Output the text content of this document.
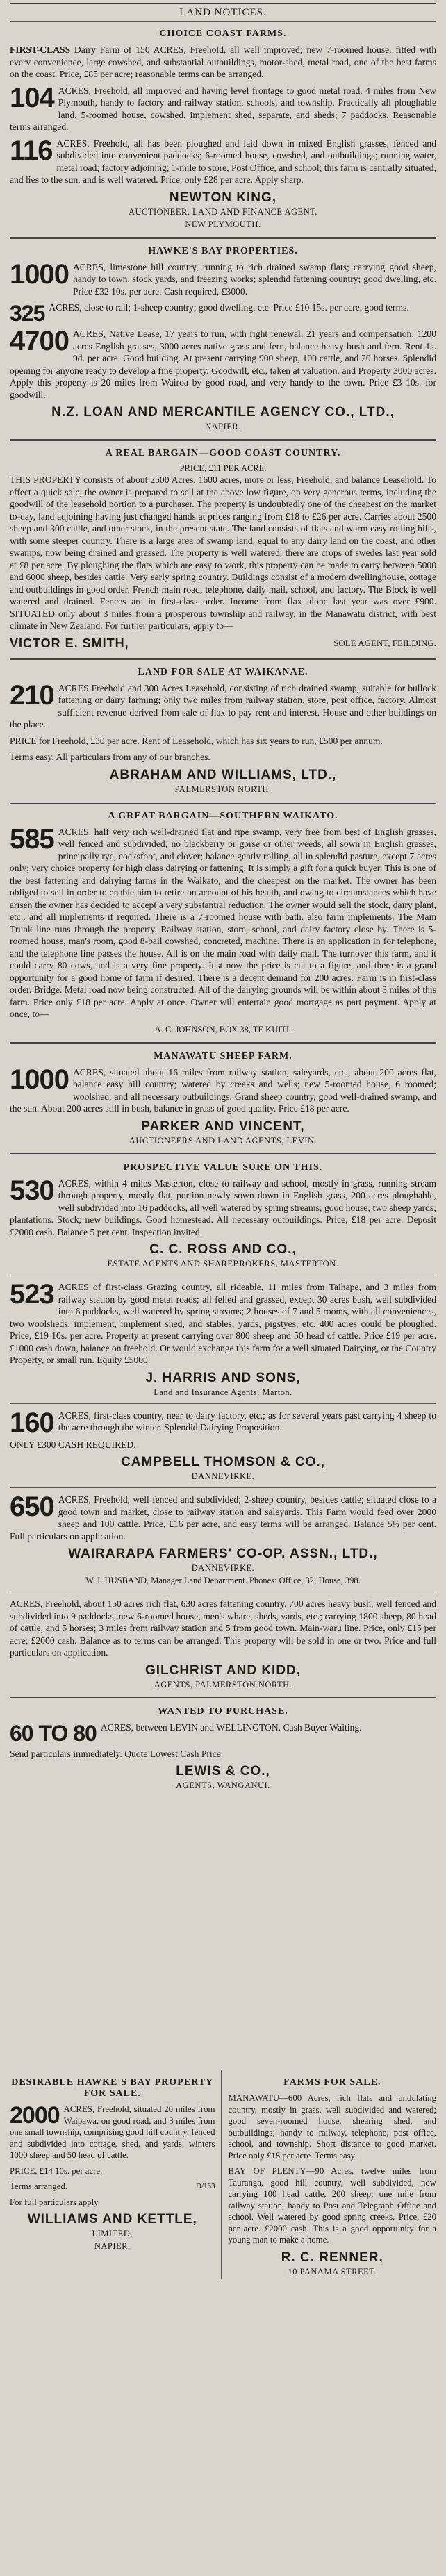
LAND NOTICES.
CHOICE COAST FARMS.
FIRST-CLASS Dairy Farm of 150 ACRES, Freehold, all well improved; new 7-roomed house, fitted with every convenience, large cowshed, and substantial outbuildings, motor-shed, metal road, one of the best farms on the coast. Price, £85 per acre; reasonable terms can be arranged.
104 ACRES, Freehold, all improved and having level frontage to good metal road, 4 miles from New Plymouth, handy to factory and railway station, schools, and township. Practically all ploughable land, 5-roomed house, cowshed, implement shed, separate, and sheds; 7 paddocks. Reasonable terms arranged.
116 ACRES, Freehold, all has been ploughed and laid down in mixed English grasses, fenced and subdivided into convenient paddocks; 6-roomed house, cowshed, and outbuildings; running water, metal road; factory adjoining; 1-mile to store, Post Office, and school; this farm is centrally situated, and lies to the sun, and is well watered. Price, only £28 per acre. Apply sharp.
NEWTON KING,
AUCTIONEER, LAND AND FINANCE AGENT,
NEW PLYMOUTH.
HAWKE'S BAY PROPERTIES.
1000 ACRES, limestone hill country, running to rich drained swamp flats; carrying good sheep, handy to town, stock yards, and freezing works; splendid fattening country; good dwelling, etc. Price £32 10s. per acre. Cash required, £3000.
325 ACRES, close to rail; 1-sheep country; good dwelling, etc. Price £10 15s. per acre, good terms.
4700 ACRES, Native Lease, 17 years to run, with right renewal, 21 years and compensation; 1200 acres English grasses, 3000 acres native grass and fern, balance heavy bush and fern. Rent 1s. 9d. per acre. Good building. At present carrying 900 sheep, 100 cattle, and 20 horses. Splendid opening for anyone ready to develop a fine property. Goodwill, etc., taken at valuation, and Property 3000 acres. Apply this property is 20 miles from Wairoa by good road, and very handy to the town. Price £3 10s. for goodwill.
N.Z. LOAN AND MERCANTILE AGENCY CO., LTD.,
NAPIER.
A REAL BARGAIN—GOOD COAST COUNTRY.
PRICE, £11 PER ACRE.
THIS PROPERTY consists of about 2500 Acres, 1600 acres, more or less, Freehold, and balance Leasehold. To effect a quick sale, the owner is prepared to sell at the above low figure, on very generous terms, including the goodwill of the leasehold portion to a purchaser. The property is undoubtedly one of the cheapest on the market to-day, land adjoining having just changed hands at prices ranging from £18 to £26 per acre. Carries about 2500 sheep and 300 cattle, and other stock, in the present state. The land consists of flats and warm easy rolling hills, with some steeper country. There is a large area of swamp land, equal to any dairy land on the coast, and other swamps, now being drained and grassed. The property is well watered; there are crops of swedes last year sold at £8 per acre. By ploughing the flats which are easy to work, this property can be made to carry between 5000 and 6000 sheep, besides cattle. Very early spring country. Buildings consist of a modern dwellinghouse, cottage and outbuildings in good order. French main road, telephone, daily mail, school, and factory. The Block is well watered and drained. Fences are in first-class order. Income from flax alone last year was over £900. SITUATED only about 3 miles from a prosperous township and railway, in the Manawatu district, with best climate in New Zealand. For further particulars, apply to—
VICTOR E. SMITH,	SOLE AGENT, FEILDING.
LAND FOR SALE AT WAIKANAE.
210 ACRES Freehold and 300 Acres Leasehold, consisting of rich drained swamp, suitable for bullock fattening or dairy farming; only two miles from railway station, store, post office, factory. Almost sufficient revenue derived from sale of flax to pay rent and interest. House and other buildings on the place.
PRICE for Freehold, £30 per acre. Rent of Leasehold, which has six years to run, £500 per annum.
Terms easy. All particulars from any of our branches.
ABRAHAM AND WILLIAMS, LTD.,
PALMERSTON NORTH.
A GREAT BARGAIN—SOUTHERN WAIKATO.
585 ACRES, half very rich well-drained flat and ripe swamp, very free from best of English grasses, well fenced and subdivided; no blackberry or gorse or other weeds; all sown in English grasses, principally rye, cocksfoot, and clover; balance gently rolling, all in splendid pasture, except 7 acres only; very choice property for high class dairying or fattening. It is simply a gift for a quick buyer. This is one of the best fattening and dairying farms in the Waikato, and the cheapest on the market. The owner has been obliged to sell in order to enable him to retire on account of his health, and owing to circumstances which have arisen the owner has decided to accept a very substantial reduction. The owner would sell the stock, dairy plant, etc., and all implements if required. There is a 7-roomed house with bath, also farm implements. The Main Trunk line runs through the property. Railway station, store, school, and dairy factory close by. There is 5-roomed house, man's room, good 8-bail cowshed, concreted, machine. There is an application in for telephone, and the telephone line passes the house. All is on the main road with daily mail. The turnover this farm, and it could carry 80 cows, and is a very fine property. Just now the price is cut to a figure, and there is a grand opportunity for a good home of farm if desired. There is a decent demand for 200 acres. Farm is in first-class order. Bridge. Metal road now being constructed. All of the dairying grounds will be within about 3 miles of this farm. Price only £18 per acre. Apply at once. Owner will entertain good mortgage as part payment. Apply at once, to—
A. C. JOHNSON, BOX 38, TE KUITI.
MANAWATU SHEEP FARM.
1000 ACRES, situated about 16 miles from railway station, saleyards, etc., about 200 acres flat, balance easy hill country; watered by creeks and wells; new 5-roomed house, 6 roomed; woolshed, and all necessary outbuildings. Grand sheep country, good well-drained swamp, and the sun. About 200 acres still in bush, balance in grass of good quality. Price £18 per acre.
PARKER AND VINCENT,
AUCTIONEERS AND LAND AGENTS, LEVIN.
PROSPECTIVE VALUE SURE ON THIS.
530 ACRES, within 4 miles Masterton, close to railway and school, mostly in grass, running stream through property, mostly flat, portion newly sown down in English grass, 200 acres ploughable, well subdivided into 16 paddocks, all well watered by spring streams; good house; two sheep yards; plantations. Stock; new buildings. Good homestead. All necessary outbuildings. Price, £18 per acre. Deposit £2000 cash. Balance 5 per cent. Inspection invited.
C. C. ROSS AND CO.,
ESTATE AGENTS AND SHAREBROKERS, MASTERTON.
523 ACRES of first-class Grazing country, all rideable, 11 miles from Taihape, and 3 miles from railway station by good metal roads; all felled and grassed, except 30 acres bush, well subdivided into 6 paddocks, well watered by spring streams; 2 houses of 7 and 5 rooms, with all conveniences, two woolsheds, implement, implement shed, and stables, yards, pigstyes, etc. 400 acres could be ploughed. Price, £19 10s. per acre. Property at present carrying over 800 sheep and 50 head of cattle. Price £19 per acre. £1000 cash down, balance on freehold. Or would exchange this farm for a well situated Dairying, or the Country Property, or small run. Equity £5000.
J. HARRIS AND SONS,
Land and Insurance Agents, Marton.
160 ACRES, first-class country, near to dairy factory, etc.; as for several years past carrying 4 sheep to the acre through the winter. Splendid Dairying Proposition.
ONLY £300 CASH REQUIRED.
CAMPBELL THOMSON & CO.,
DANNEVIRKE.
650 ACRES, Freehold, well fenced and subdivided; 2-sheep country, besides cattle; situated close to a good town and market, close to railway station and saleyards. This Farm would feed over 2000 sheep and 100 cattle. Price, £16 per acre, and easy terms will be arranged. Balance 5½ per cent. Full particulars on application.
WAIRARAPA FARMERS' CO-OP. ASSN., LTD.,
DANNEVIRKE.
W. I. HUSBAND, Manager Land Department. Phones: Office, 32; House, 398.
ACRES, Freehold, about 150 acres rich flat, 630 acres fattening country, 700 acres heavy bush, well fenced and subdivided into 9 paddocks, new 6-roomed house, men's whare, sheds, yards, etc.; carrying 1800 sheep, 80 head of cattle, and 5 horses; 3 miles from railway station and 5 from good town. Main-waru line. Price, only £15 per acre; £2000 cash. Balance as to terms can be arranged. This property will be sold in one or two. Price and full particulars on application.
GILCHRIST AND KIDD,
AGENTS, PALMERSTON NORTH.
WANTED TO PURCHASE.
60 TO 80 ACRES, between LEVIN and WELLINGTON. Cash Buyer Waiting.
Send particulars immediately. Quote Lowest Cash Price.
LEWIS & CO.,
AGENTS, WANGANUI.
DESIRABLE HAWKE'S BAY PROPERTY FOR SALE.
2000 ACRES, Freehold, situated 20 miles from Waipawa, on good road, and 3 miles from one small township, comprising good hill country, fenced and subdivided into cottage, shed, and yards, winters 1000 sheep and 50 head of cattle.
PRICE, £14 10s. per acre.
Terms arranged.	D/163
For full particulars apply
WILLIAMS AND KETTLE,
LIMITED,
NAPIER.
FARMS FOR SALE.
MANAWATU—600 Acres, rich flats and undulating country, mostly in grass, well subdivided and watered; good seven-roomed house, shearing shed, and outbuildings; handy to railway, telephone, post office, school, and township. Short distance to good market. Price only £18 per acre. Terms easy.
BAY OF PLENTY—90 Acres, twelve miles from Tauranga, good hill country, well subdivided, now carrying 100 head cattle, 200 sheep; one mile from railway station, handy to Post and Telegraph Office and school. Well watered by good spring creeks. Price, £20 per acre. £2000 cash. This is a good opportunity for a young man to make a home.
R. C. RENNER,
10 PANAMA STREET.
